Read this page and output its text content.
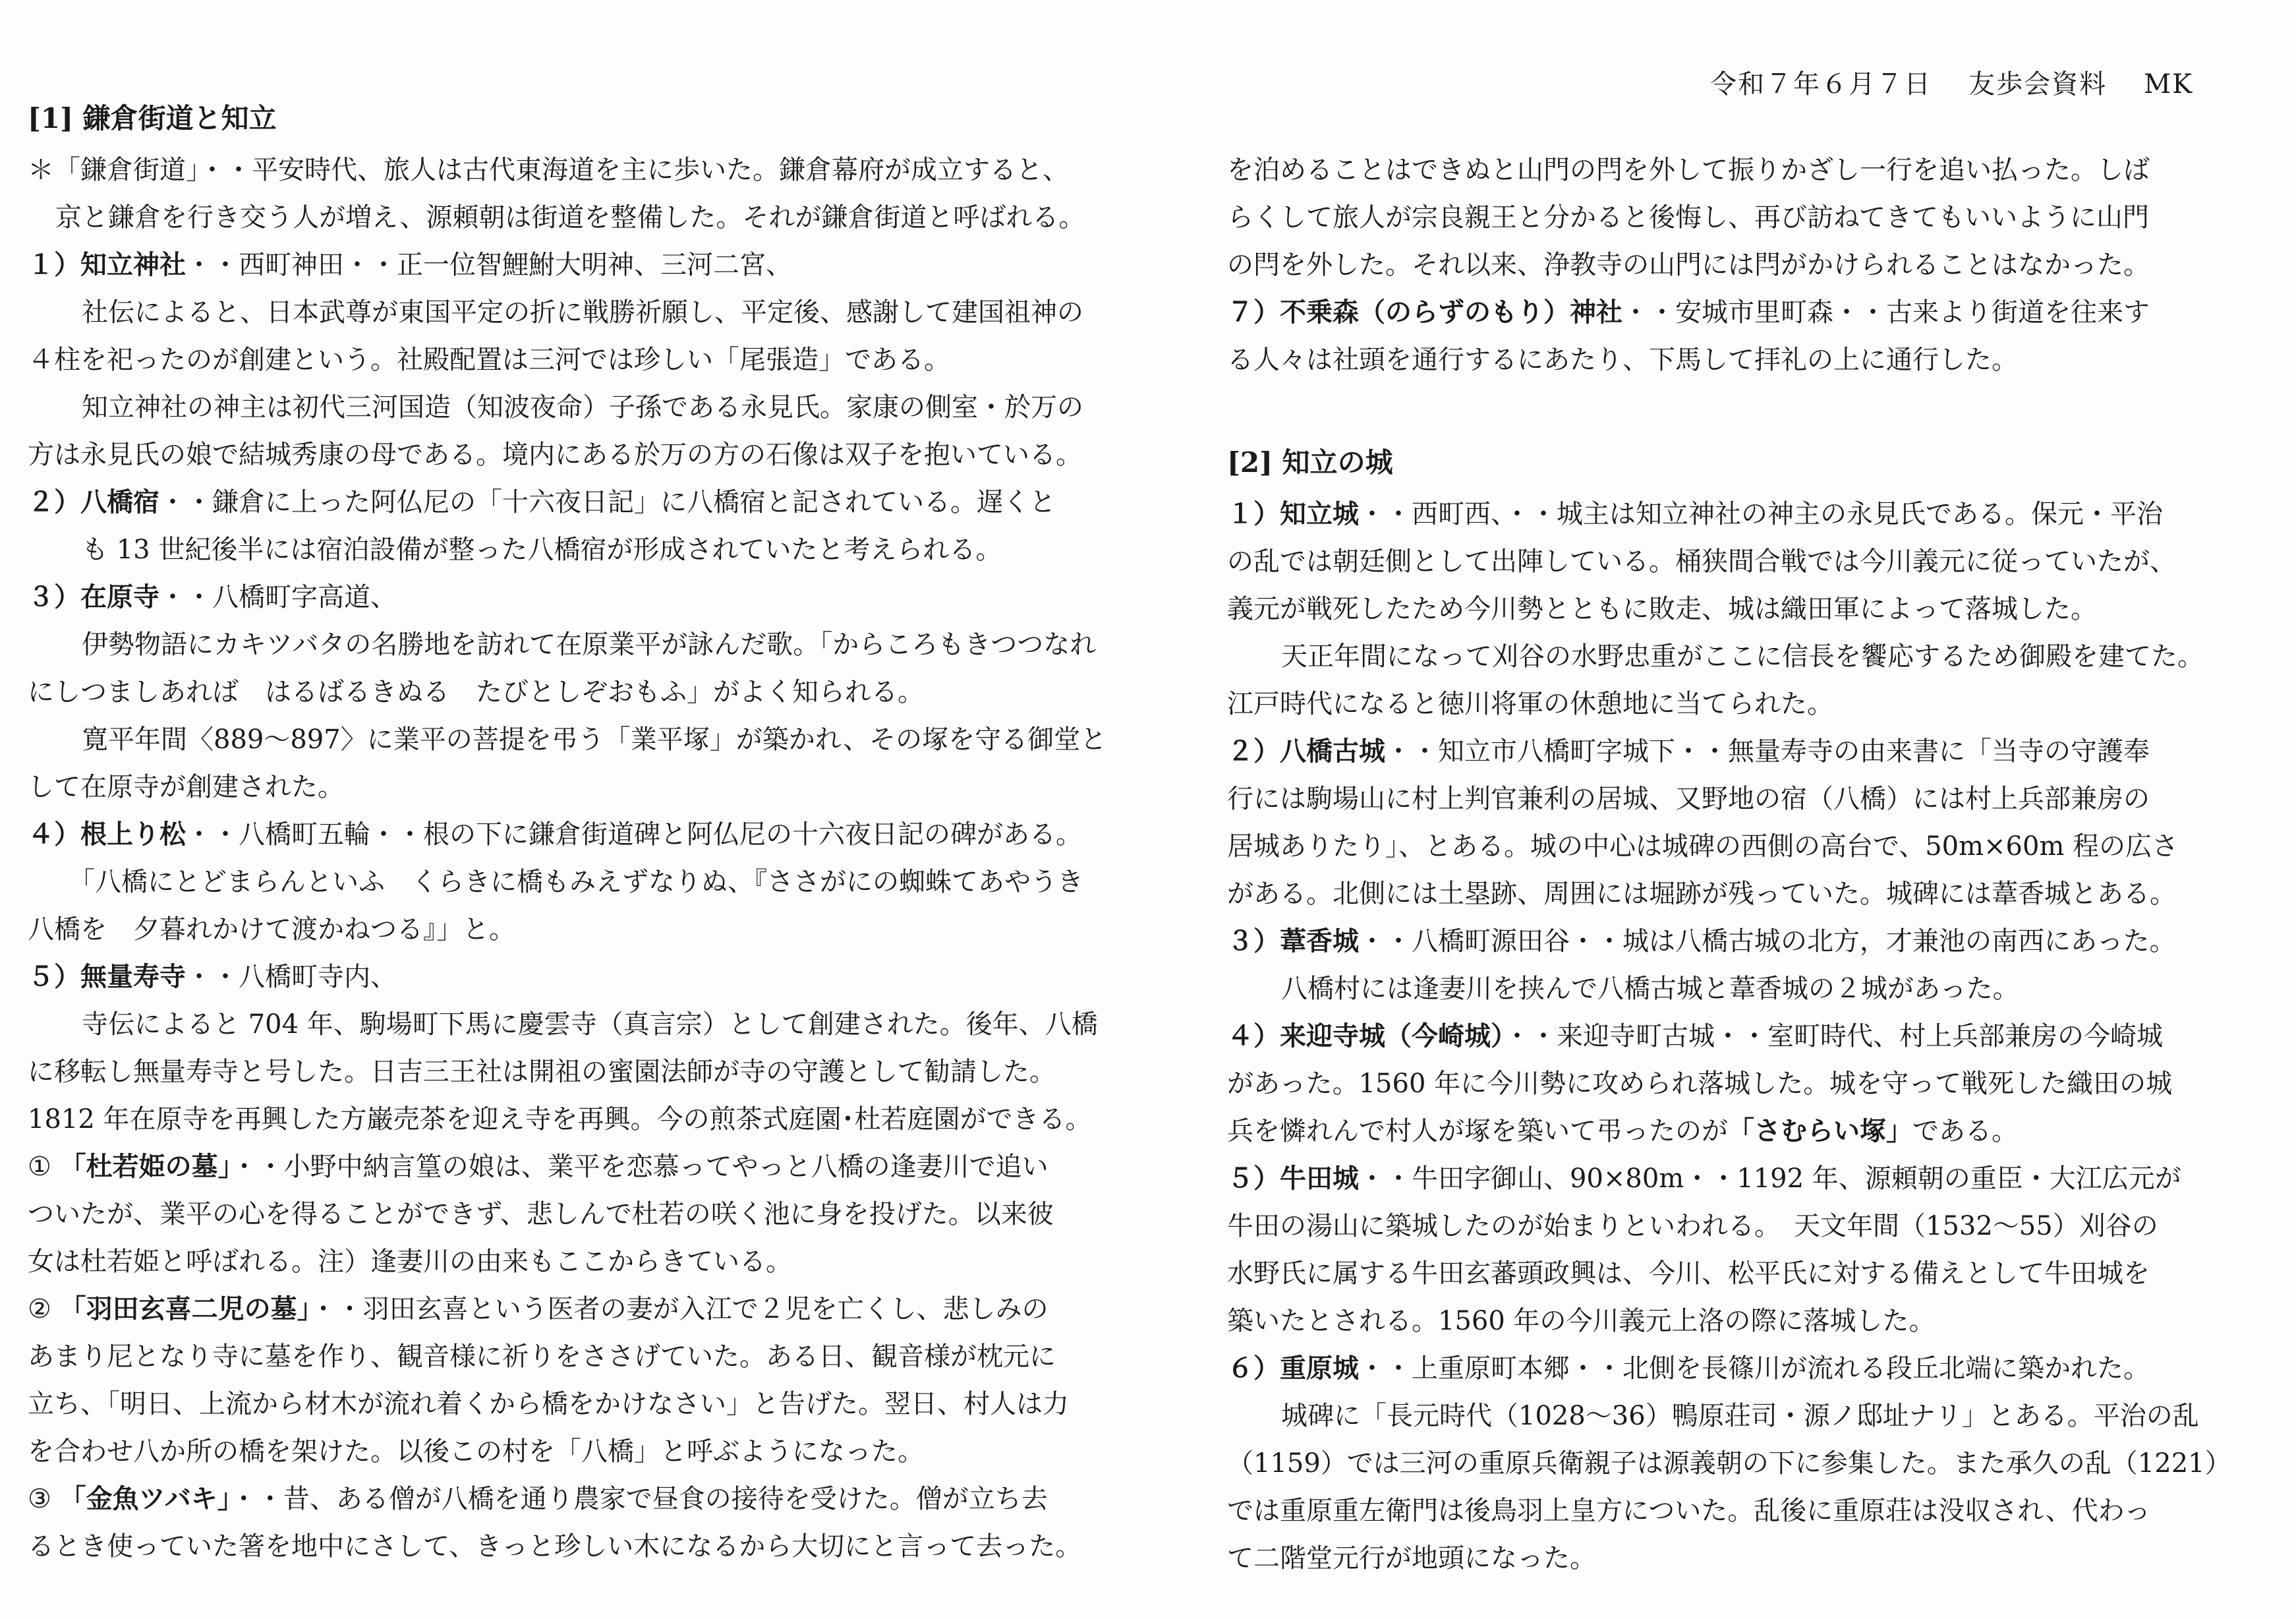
令和７年６月７日 友歩会資料 MK
[1] 鎌倉街道と知立
＊「鎌倉街道」・・平安時代、旅人は古代東海道を主に歩いた。鎌倉幕府が成立すると、
京と鎌倉を行き交う人が増え、源頼朝は街道を整備した。それが鎌倉街道と呼ばれる。
１）知立神社・・西町神田・・正一位智鯉鮒大明神、三河二宮、
　社伝によると、日本武尊が東国平定の折に戦勝祈願し、平定後、感謝して建国祖神の
４柱を祀ったのが創建という。社殿配置は三河では珍しい「尾張造」である。
　知立神社の神主は初代三河国造（知波夜命）子孫である永見氏。家康の側室・於万の
方は永見氏の娘で結城秀康の母である。境内にある於万の方の石像は双子を抱いている。
２）八橋宿・・鎌倉に上った阿仏尼の「十六夜日記」に八橋宿と記されている。遅くと
も 13 世紀後半には宿泊設備が整った八橋宿が形成されていたと考えられる。
３）在原寺・・八橋町字高道、
　伊勢物語にカキツバタの名勝地を訪れて在原業平が詠んだ歌。「からころもきつつなれ
にしつましあれば　はるばるきぬる　たびとしぞおもふ」がよく知られる。
　寛平年間〈889〜897〉に業平の菩提を弔う「業平塚」が築かれ、その塚を守る御堂と
して在原寺が創建された。
４）根上り松・・八橋町五輪・・根の下に鎌倉街道碑と阿仏尼の十六夜日記の碑がある。
　「八橋にとどまらんといふ　くらきに橋もみえずなりぬ、『ささがにの蜘蛛てあやうき
八橋を　夕暮れかけて渡かねつる』」と。
５）無量寿寺・・八橋町寺内、
　寺伝によると 704 年、駒場町下馬に慶雲寺（真言宗）として創建された。後年、八橋
に移転し無量寿寺と号した。日吉三王社は開祖の蜜園法師が寺の守護として勧請した。
1812 年在原寺を再興した方巌売茶を迎え寺を再興。今の煎茶式庭園･杜若庭園ができる。
① 「杜若姫の墓」・・小野中納言篁の娘は、業平を恋慕ってやっと八橋の逢妻川で追い
ついたが、業平の心を得ることができず、悲しんで杜若の咲く池に身を投げた。以来彼
女は杜若姫と呼ばれる。注）逢妻川の由来もここからきている。
② 「羽田玄喜二児の墓」・・羽田玄喜という医者の妻が入江で２児を亡くし、悲しみの
あまり尼となり寺に墓を作り、観音様に祈りをささげていた。ある日、観音様が枕元に
立ち、「明日、上流から材木が流れ着くから橋をかけなさい」と告げた。翌日、村人は力
を合わせ八か所の橋を架けた。以後この村を「八橋」と呼ぶようになった。
③ 「金魚ツバキ」・・昔、ある僧が八橋を通り農家で昼食の接待を受けた。僧が立ち去
るとき使っていた箸を地中にさして、きっと珍しい木になるから大切にと言って去った。
を泊めることはできぬと山門の閂を外して振りかざし一行を追い払った。しば
らくして旅人が宗良親王と分かると後悔し、再び訪ねてきてもいいように山門
の閂を外した。それ以来、浄教寺の山門には閂がかけられることはなかった。
７）不乗森（のらずのもり）神社・・安城市里町森・・古来より街道を往来す
る人々は社頭を通行するにあたり、下馬して拝礼の上に通行した。
[2] 知立の城
１）知立城・・西町西、・・城主は知立神社の神主の永見氏である。保元・平治
の乱では朝廷側として出陣している。桶狭間合戦では今川義元に従っていたが、
義元が戦死したため今川勢とともに敗走、城は織田軍によって落城した。
　天正年間になって刈谷の水野忠重がここに信長を饗応するため御殿を建てた。
江戸時代になると徳川将軍の休憩地に当てられた。
２）八橋古城・・知立市八橋町字城下・・無量寿寺の由来書に「当寺の守護奉
行には駒場山に村上判官兼利の居城、又野地の宿（八橋）には村上兵部兼房の
居城ありたり」、とある。城の中心は城碑の西側の高台で、50m×60m 程の広さ
がある。北側には土塁跡、周囲には堀跡が残っていた。城碑には葦香城とある。
３）葦香城・・八橋町源田谷・・城は八橋古城の北方，才兼池の南西にあった。
　八橋村には逢妻川を挟んで八橋古城と葦香城の２城があった。
４）来迎寺城（今崎城）・・来迎寺町古城・・室町時代、村上兵部兼房の今崎城
があった。1560 年に今川勢に攻められ落城した。城を守って戦死した織田の城
兵を憐れんで村人が塚を築いて弔ったのが「さむらい塚」である。
５）牛田城・・牛田字御山、90×80m・・1192 年、源頼朝の重臣・大江広元が
牛田の湯山に築城したのが始まりといわれる。　天文年間（1532〜55）刈谷の
水野氏に属する牛田玄蕃頭政興は、今川、松平氏に対する備えとして牛田城を
築いたとされる。1560 年の今川義元上洛の際に落城した。
６）重原城・・上重原町本郷・・北側を長篠川が流れる段丘北端に築かれた。
　城碑に「長元時代（1028〜36）鴨原荘司・源ノ邸址ナリ」とある。平治の乱
（1159）では三河の重原兵衛親子は源義朝の下に参集した。また承久の乱（1221）
では重原重左衛門は後鳥羽上皇方についた。乱後に重原荘は没収され、代わっ
て二階堂元行が地頭になった。
